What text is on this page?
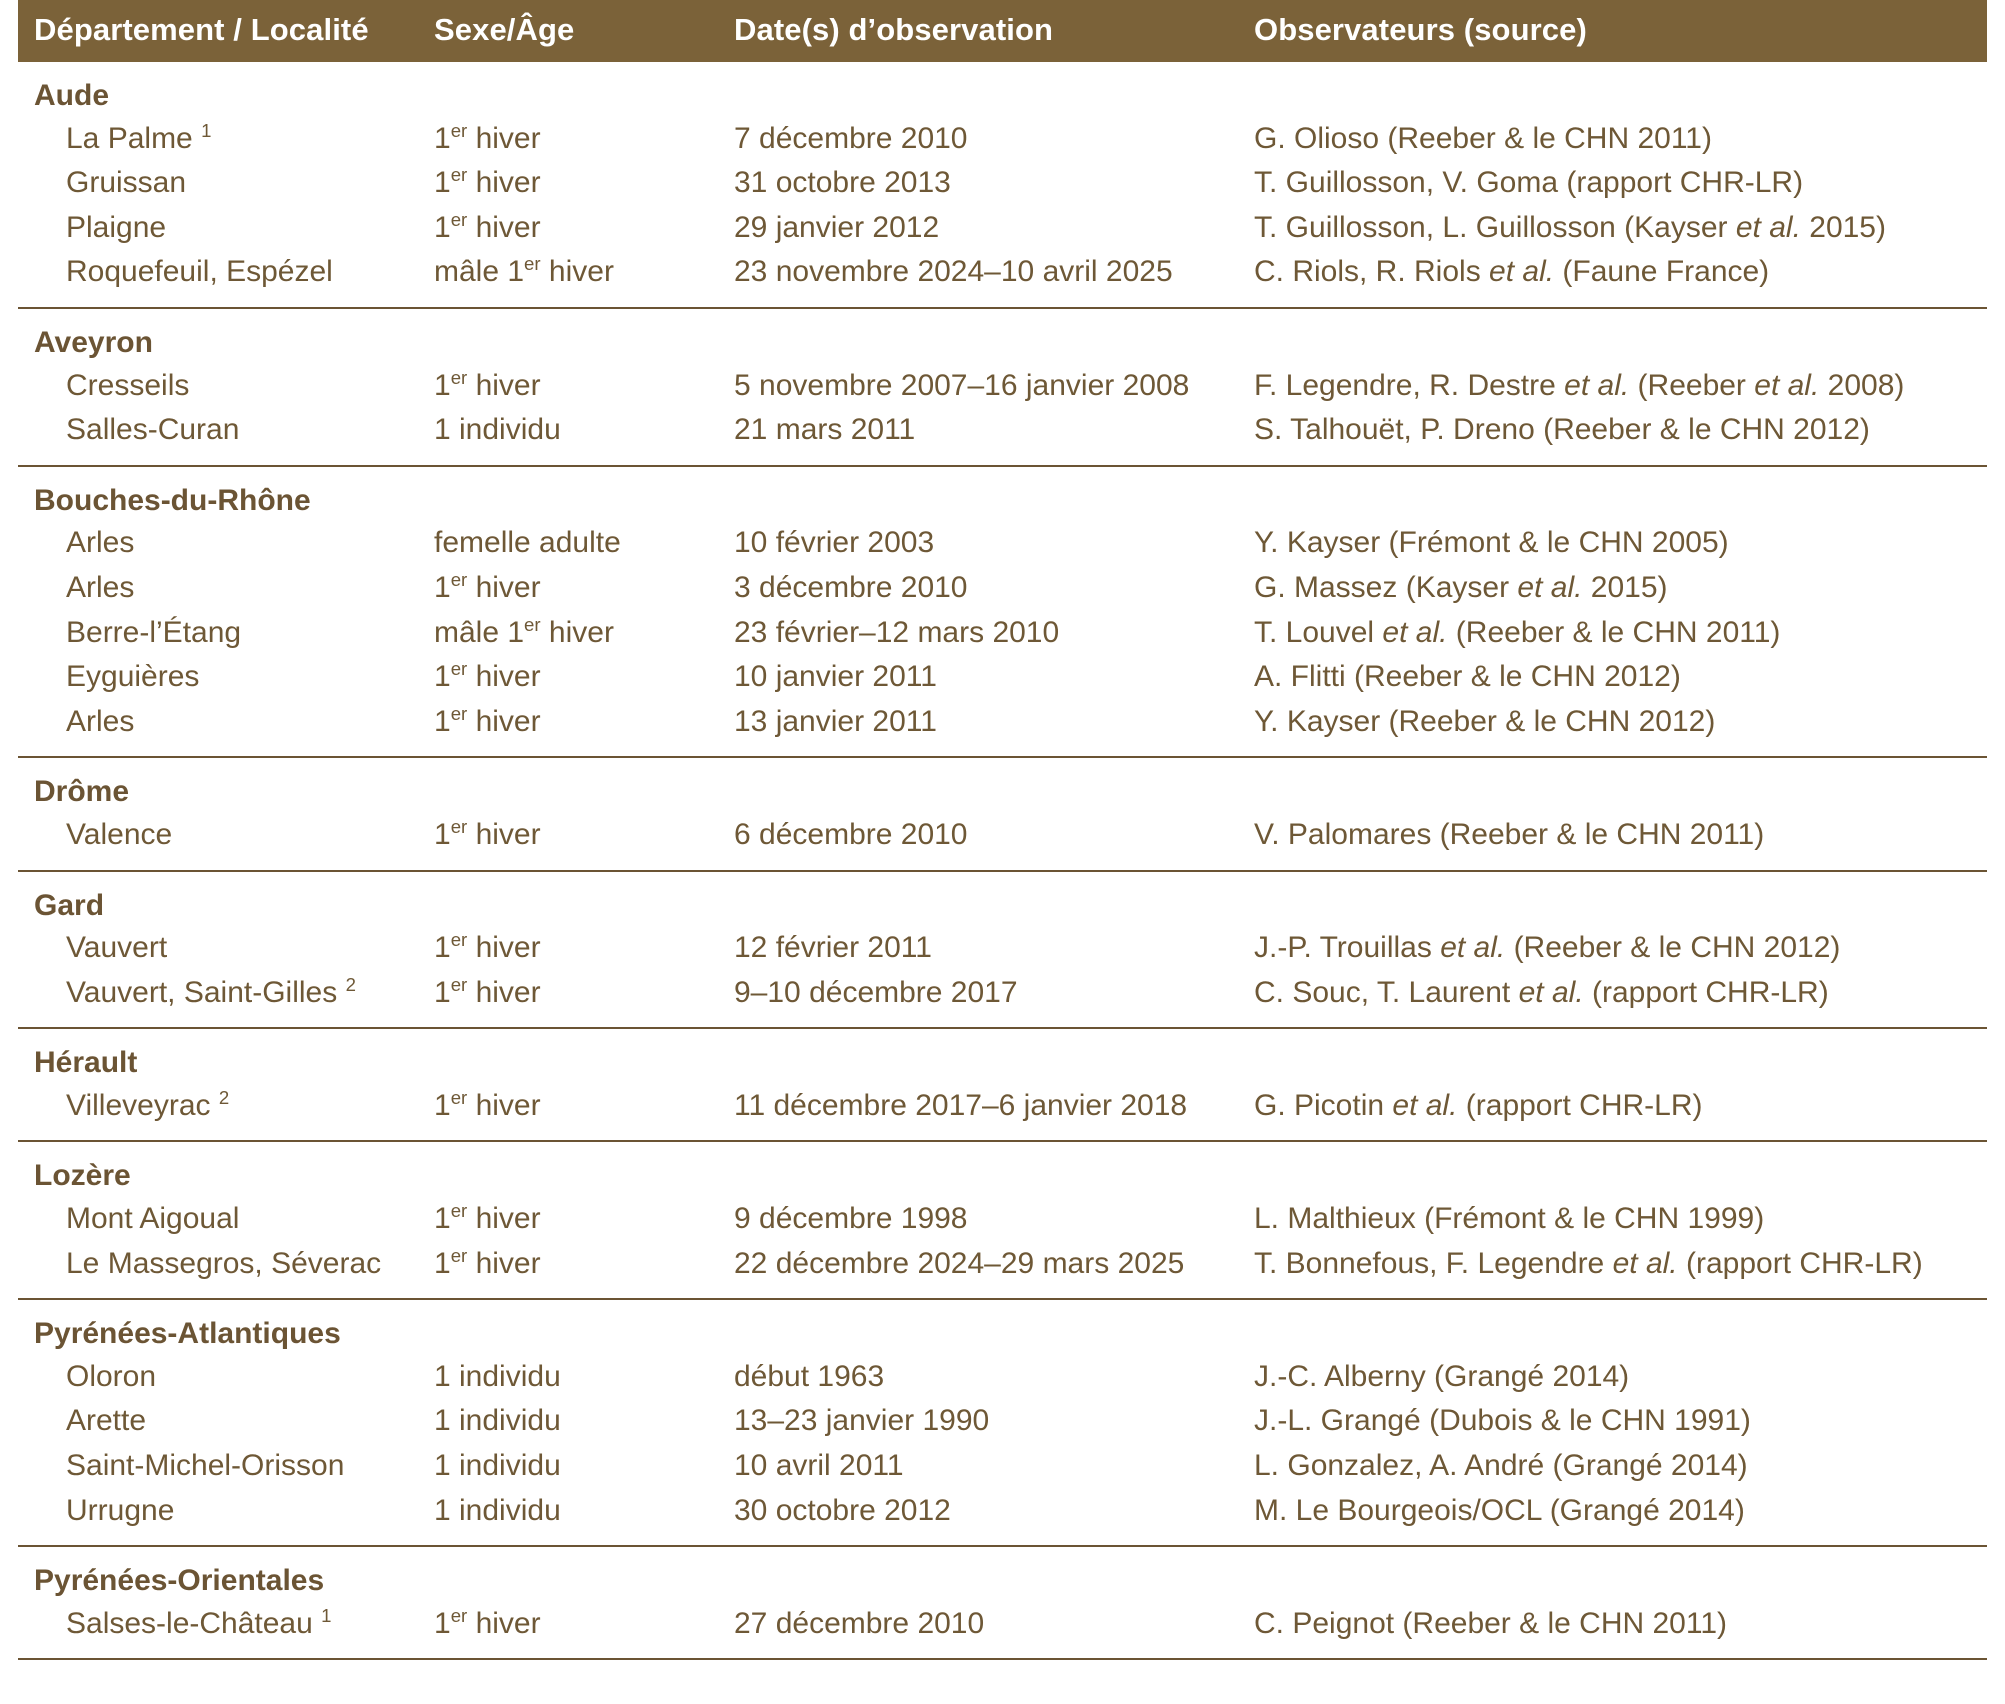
Département / Localité	Sexe/Âge	Date(s) d’observation	Observateurs (source)
Aude			
La Palme $^1$	1er hiver	7 décembre 2010	G. Olioso (Reeber & le CHN 2011)
Gruissan	1er hiver	31 octobre 2013	T. Guillosson, V. Goma (rapport CHR-LR)
Plaigne	1er hiver	29 janvier 2012	T. Guillosson, L. Guillosson (Kayser et al. 2015)
Roquefeuil, Espézel	mâle 1er hiver	23 novembre 2024–10 avril 2025	C. Riols, R. Riols et al. (Faune France)

Aveyron			
Cresseils	1er hiver	5 novembre 2007–16 janvier 2008	F. Legendre, R. Destre et al. (Reeber et al. 2008)
Salles-Curan	1 individu	21 mars 2011	S. Talhouët, P. Dreno (Reeber & le CHN 2012)

Bouches-du-Rhône			
Arles	femelle adulte	10 février 2003	Y. Kayser (Frémont & le CHN 2005)
Arles	1er hiver	3 décembre 2010	G. Massez (Kayser et al. 2015)
Berre-l’Étang	mâle 1er hiver	23 février–12 mars 2010	T. Louvel et al. (Reeber & le CHN 2011)
Eyguières	1er hiver	10 janvier 2011	A. Flitti (Reeber & le CHN 2012)
Arles	1er hiver	13 janvier 2011	Y. Kayser (Reeber & le CHN 2012)

Drôme			
Valence	1er hiver	6 décembre 2010	V. Palomares (Reeber & le CHN 2011)

Gard			
Vauvert	1er hiver	12 février 2011	J.-P. Trouillas et al. (Reeber & le CHN 2012)
Vauvert, Saint-Gilles $^2$	1er hiver	9–10 décembre 2017	C. Souc, T. Laurent et al. (rapport CHR-LR)

Hérault			
Villeveyrac $^2$	1er hiver	11 décembre 2017–6 janvier 2018	G. Picotin et al. (rapport CHR-LR)

Lozère			
Mont Aigoual	1er hiver	9 décembre 1998	L. Malthieux (Frémont & le CHN 1999)
Le Massegros, Séverac	1er hiver	22 décembre 2024–29 mars 2025	T. Bonnefous, F. Legendre et al. (rapport CHR-LR)

Pyrénées-Atlantiques			
Oloron	1 individu	début 1963	J.-C. Alberny (Grangé 2014)
Arette	1 individu	13–23 janvier 1990	J.-L. Grangé (Dubois & le CHN 1991)
Saint-Michel-Orisson	1 individu	10 avril 2011	L. Gonzalez, A. André (Grangé 2014)
Urrugne	1 individu	30 octobre 2012	M. Le Bourgeois/OCL (Grangé 2014)

Pyrénées-Orientales			
Salses-le-Château $^1$	1er hiver	27 décembre 2010	C. Peignot (Reeber & le CHN 2011)
